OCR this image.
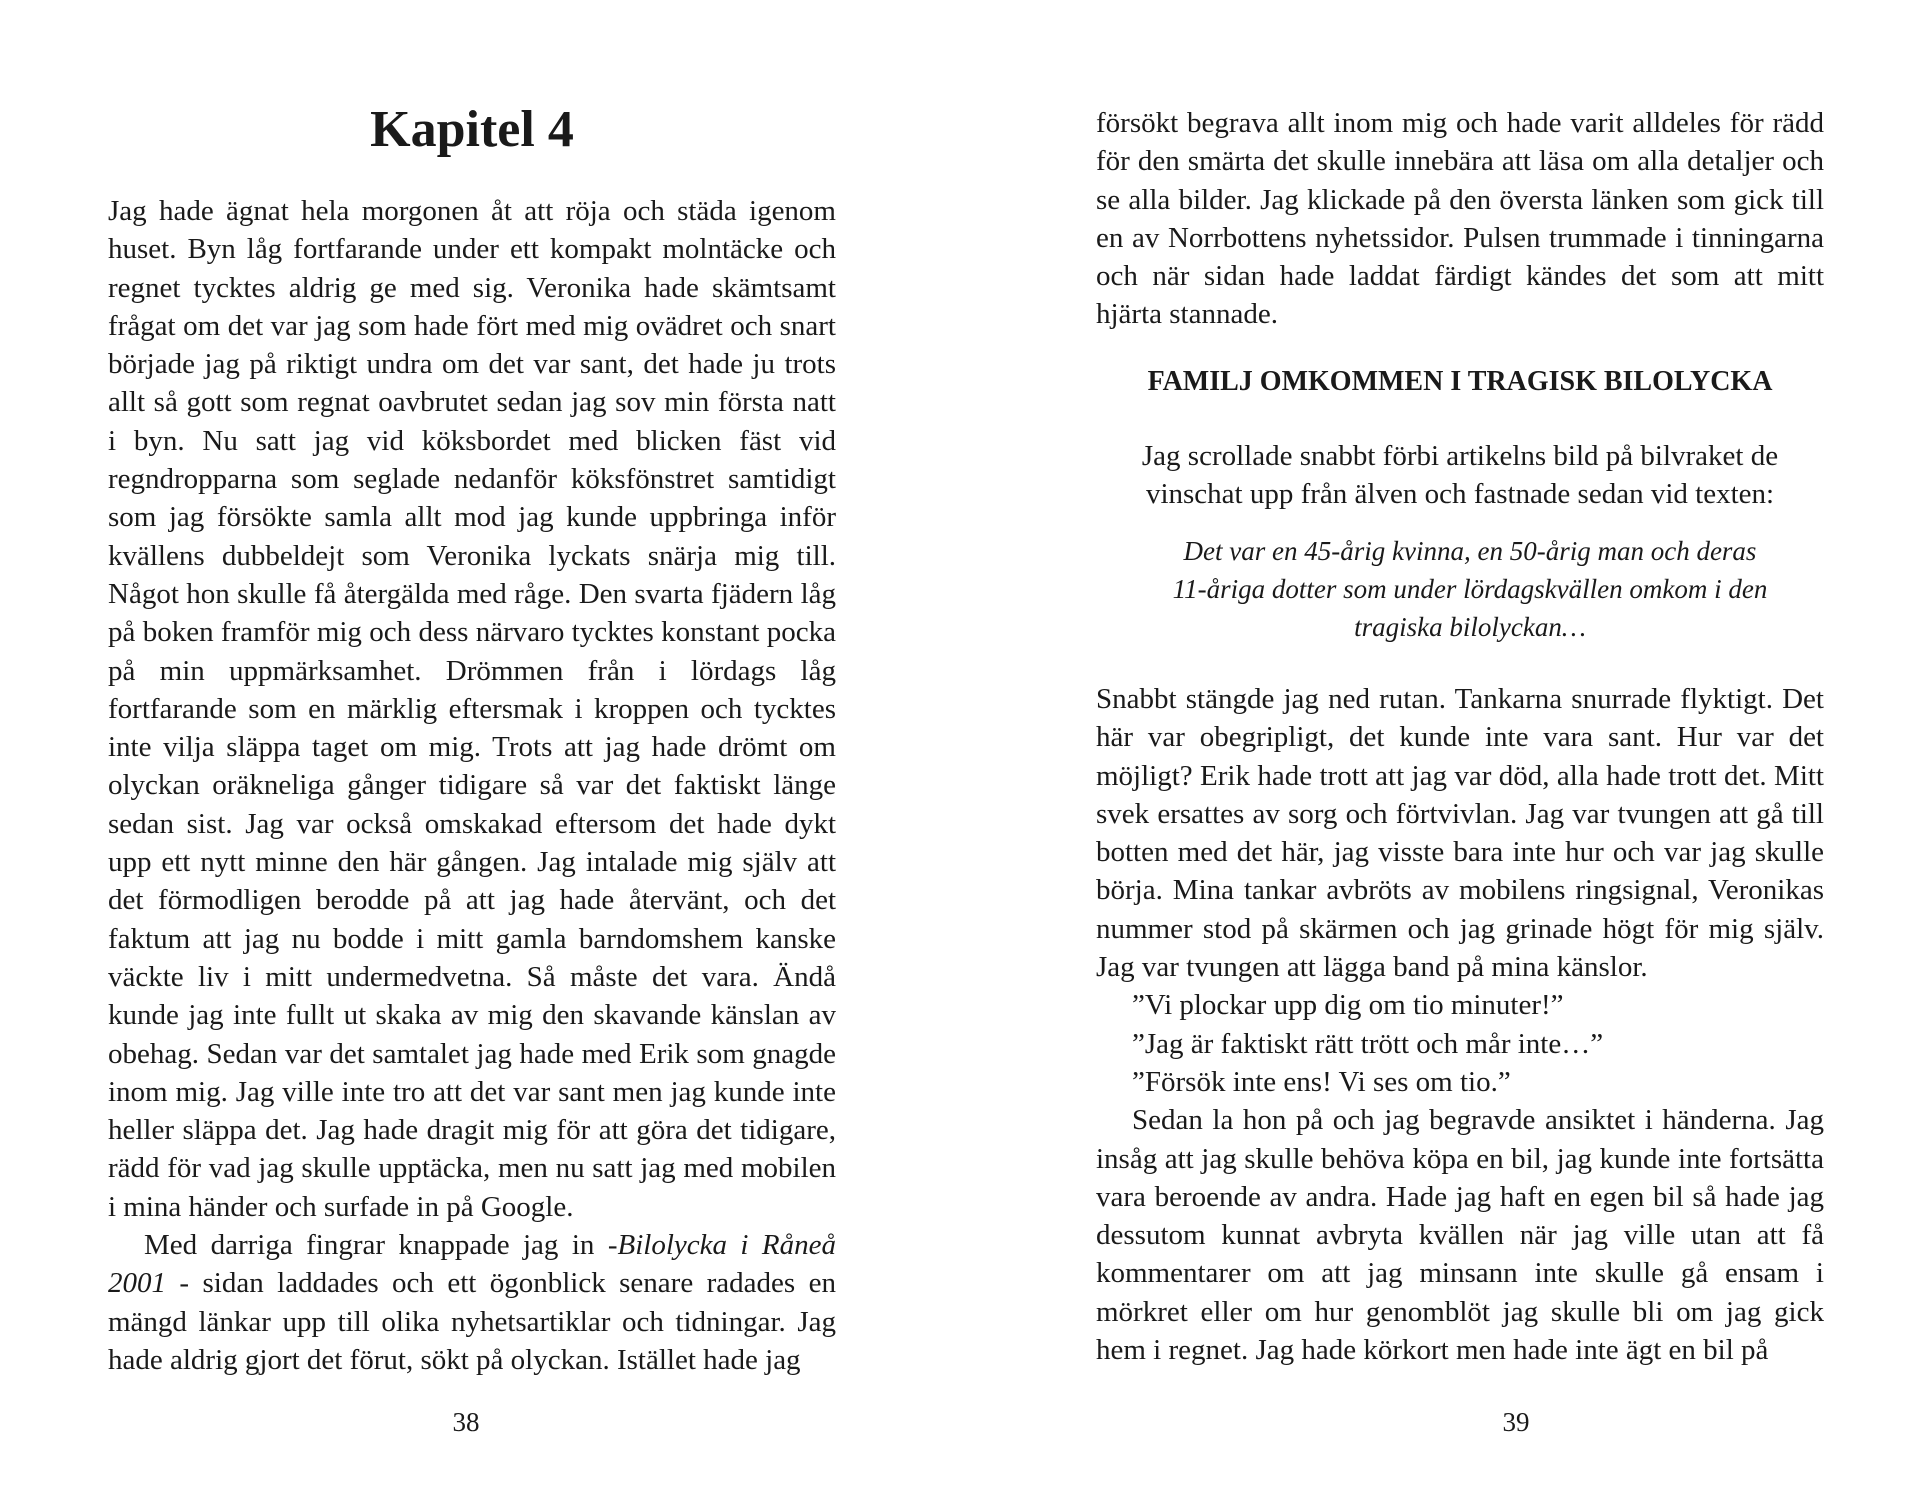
Kapitel 4

Jag hade ägnat hela morgonen åt att röja och städa igenom huset. Byn låg fortfarande under ett kompakt molntäcke och regnet tycktes aldrig ge med sig. Veronika hade skämtsamt frågat om det var jag som hade fört med mig ovädret och snart började jag på riktigt undra om det var sant, det hade ju trots allt så gott som regnat oavbrutet sedan jag sov min första natt i byn. Nu satt jag vid köksbordet med blicken fäst vid regndropparna som seglade nedanför köksfönstret samtidigt som jag försökte samla allt mod jag kunde uppbringa inför kvällens dubbeldejt som Veronika lyckats snärja mig till. Något hon skulle få återgälda med råge. Den svarta fjädern låg på boken framför mig och dess närvaro tycktes konstant pocka på min uppmärksamhet. Drömmen från i lördags låg fortfarande som en märklig eftersmak i kroppen och tycktes inte vilja släppa taget om mig. Trots att jag hade drömt om olyckan oräkneliga gånger tidigare så var det faktiskt länge sedan sist. Jag var också omskakad eftersom det hade dykt upp ett nytt minne den här gången. Jag intalade mig själv att det förmodligen berodde på att jag hade återvänt, och det faktum att jag nu bodde i mitt gamla barndomshem kanske väckte liv i mitt undermedvetna. Så måste det vara. Ändå kunde jag inte fullt ut skaka av mig den skavande känslan av obehag. Sedan var det samtalet jag hade med Erik som gnagde inom mig. Jag ville inte tro att det var sant men jag kunde inte heller släppa det. Jag hade dragit mig för att göra det tidigare, rädd för vad jag skulle upptäcka, men nu satt jag med mobilen i mina händer och surfade in på Google.

Med darriga fingrar knappade jag in -Bilolycka i Råneå 2001 - sidan laddades och ett ögonblick senare radades en mängd länkar upp till olika nyhetsartiklar och tidningar. Jag hade aldrig gjort det förut, sökt på olyckan. Istället hade jag

38

försökt begrava allt inom mig och hade varit alldeles för rädd för den smärta det skulle innebära att läsa om alla detaljer och se alla bilder. Jag klickade på den översta länken som gick till en av Norrbottens nyhetssidor. Pulsen trummade i tinningarna och när sidan hade laddat färdigt kändes det som att mitt hjärta stannade.

FAMILJ OMKOMMEN I TRAGISK BILOLYCKA

Jag scrollade snabbt förbi artikelns bild på bilvraket de vinschat upp från älven och fastnade sedan vid texten:

Det var en 45-årig kvinna, en 50-årig man och deras
11-åriga dotter som under lördagskvällen omkom i den
tragiska bilolyckan…

Snabbt stängde jag ned rutan. Tankarna snurrade flyktigt. Det här var obegripligt, det kunde inte vara sant. Hur var det möjligt? Erik hade trott att jag var död, alla hade trott det. Mitt svek ersattes av sorg och förtvivlan. Jag var tvungen att gå till botten med det här, jag visste bara inte hur och var jag skulle börja. Mina tankar avbröts av mobilens ringsignal, Veronikas nummer stod på skärmen och jag grinade högt för mig själv. Jag var tvungen att lägga band på mina känslor.

”Vi plockar upp dig om tio minuter!”

”Jag är faktiskt rätt trött och mår inte…”

”Försök inte ens! Vi ses om tio.”

Sedan la hon på och jag begravde ansiktet i händerna. Jag insåg att jag skulle behöva köpa en bil, jag kunde inte fortsätta vara beroende av andra. Hade jag haft en egen bil så hade jag dessutom kunnat avbryta kvällen när jag ville utan att få kommentarer om att jag minsann inte skulle gå ensam i mörkret eller om hur genomblöt jag skulle bli om jag gick hem i regnet. Jag hade körkort men hade inte ägt en bil på

39
